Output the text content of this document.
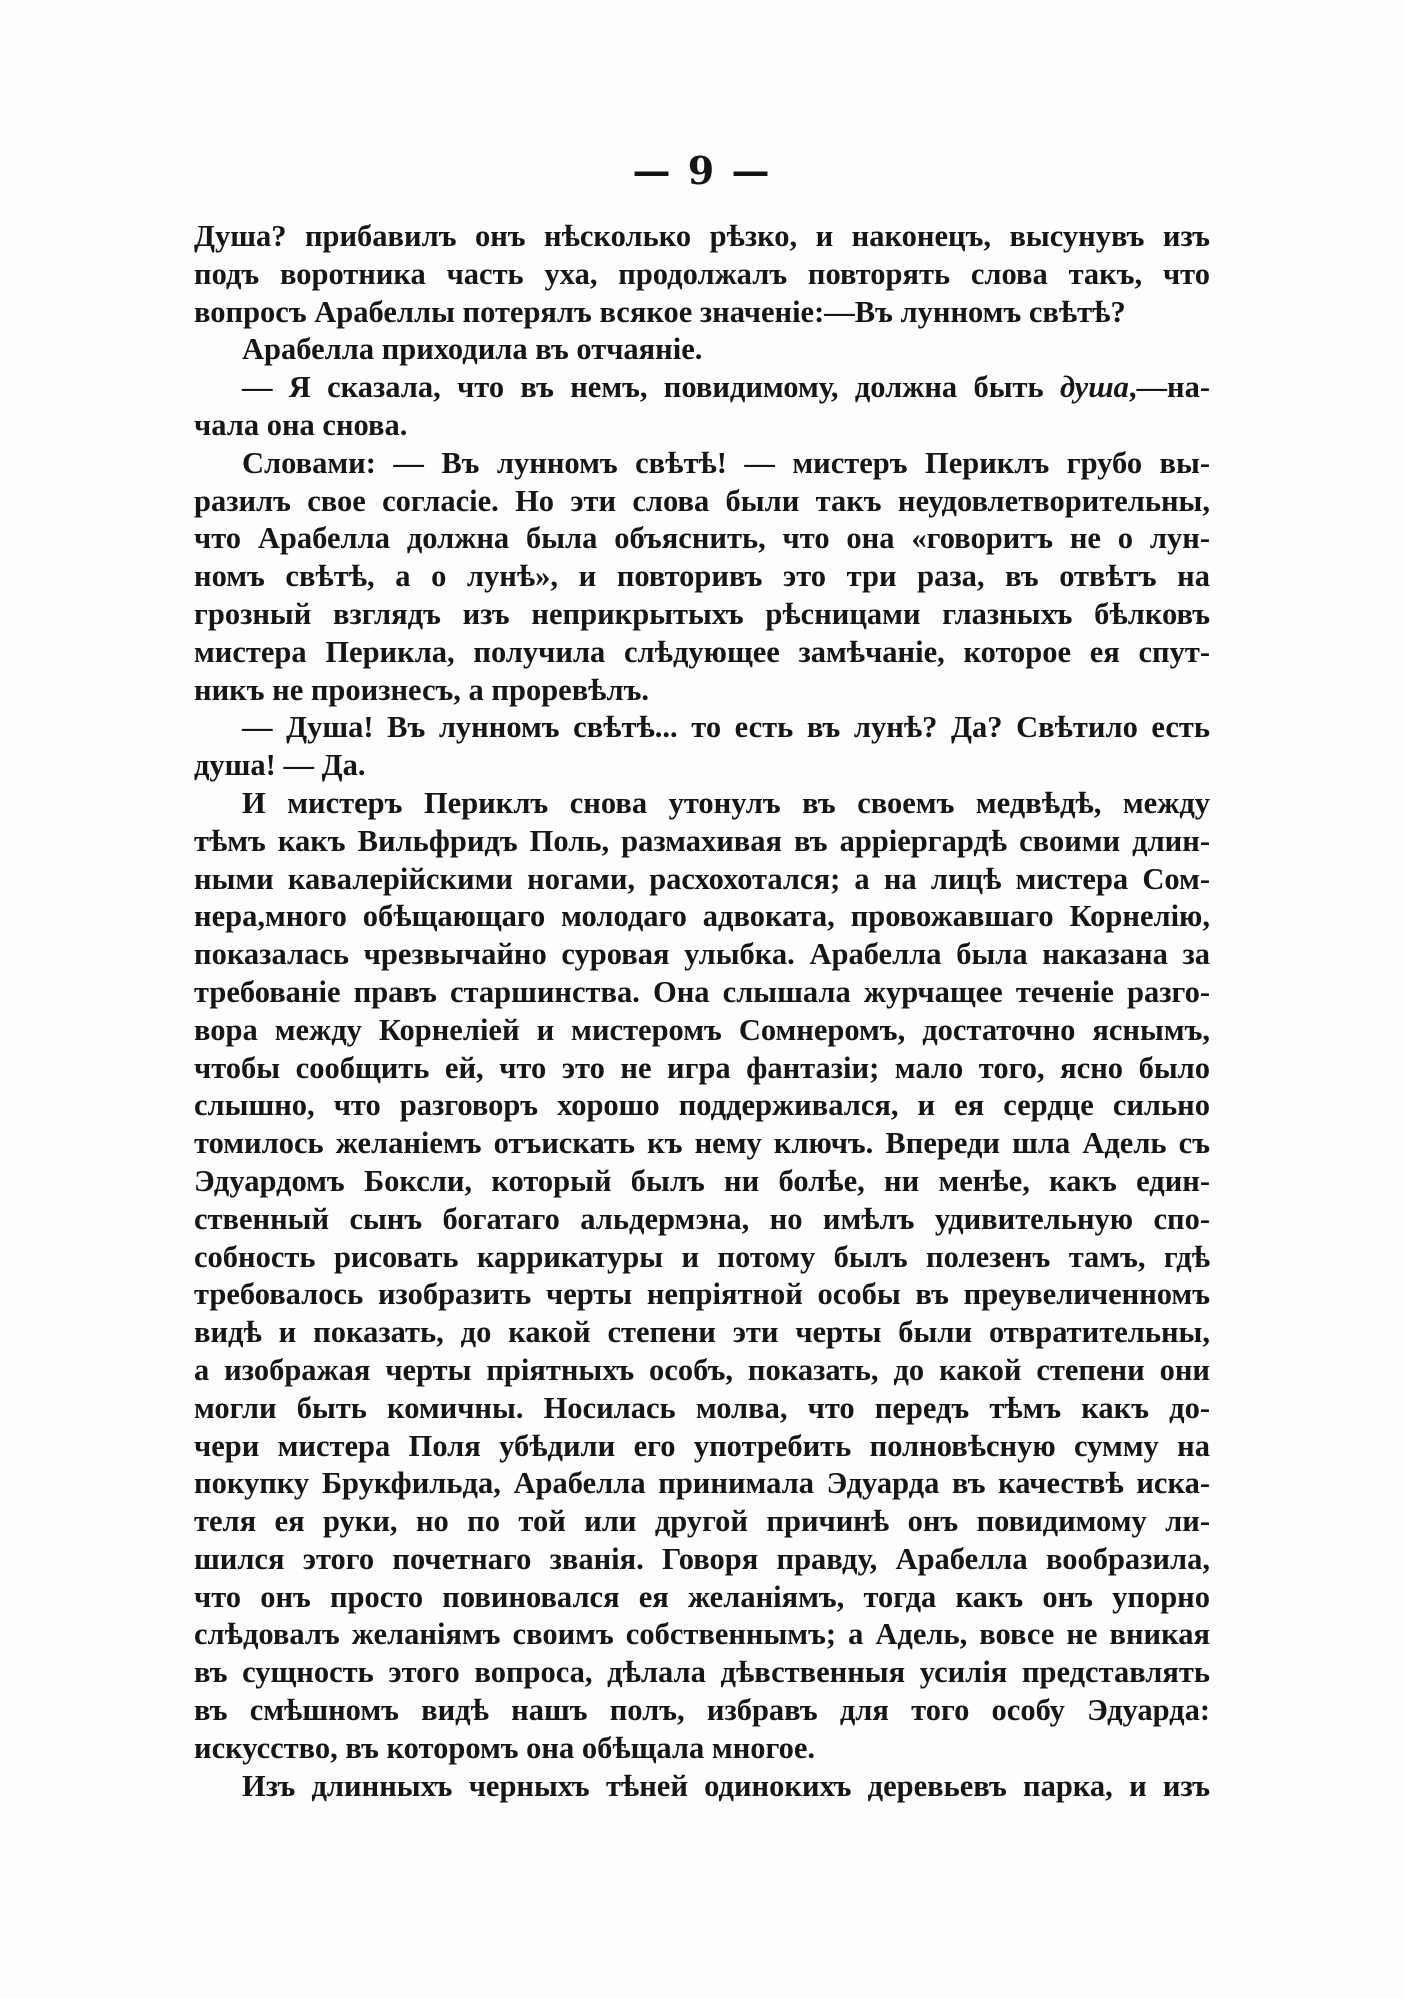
— 9 —
Душа? прибавилъ онъ нѣсколько рѣзко, и наконецъ, высунувъ изъ
подъ воротника часть уха, продолжалъ повторять слова такъ, что
вопросъ Арабеллы потерялъ всякое значеніе:—Въ лунномъ свѣтѣ?
Арабелла приходила въ отчаяніе.
— Я сказала, что въ немъ, повидимому, должна быть душа,—на-
чала она снова.
Словами: — Въ лунномъ свѣтѣ! — мистеръ Периклъ грубо вы-
разилъ свое согласіе. Но эти слова были такъ неудовлетворительны,
что Арабелла должна была объяснить, что она «говоритъ не о лун-
номъ свѣтѣ, а о лунѣ», и повторивъ это три раза, въ отвѣтъ на
грозный взглядъ изъ неприкрытыхъ рѣсницами глазныхъ бѣлковъ
мистера Перикла, получила слѣдующее замѣчаніе, которое ея спут-
никъ не произнесъ, а проревѣлъ.
— Душа! Въ лунномъ свѣтѣ... то есть въ лунѣ? Да? Свѣтило есть
душа! — Да.
И мистеръ Периклъ снова утонулъ въ своемъ медвѣдѣ, между
тѣмъ какъ Вильфридъ Поль, размахивая въ арріергардѣ своими длин-
ными кавалерійскими ногами, расхохотался; а на лицѣ мистера Сом-
нера,много обѣщающаго молодаго адвоката, провожавшаго Корнелію,
показалась чрезвычайно суровая улыбка. Арабелла была наказана за
требованіе правъ старшинства. Она слышала журчащее теченіе разго-
вора между Корнеліей и мистеромъ Сомнеромъ, достаточно яснымъ,
чтобы сообщить ей, что это не игра фантазіи; мало того, ясно было
слышно, что разговоръ хорошо поддерживался, и ея сердце сильно
томилось желаніемъ отъискать къ нему ключъ. Впереди шла Адель съ
Эдуардомъ Боксли, который былъ ни болѣе, ни менѣе, какъ един-
ственный сынъ богатаго альдермэна, но имѣлъ удивительную спо-
собность рисовать каррикатуры и потому былъ полезенъ тамъ, гдѣ
требовалось изобразить черты непріятной особы въ преувеличенномъ
видѣ и показать, до какой степени эти черты были отвратительны,
а изображая черты пріятныхъ особъ, показать, до какой степени они
могли быть комичны. Носилась молва, что передъ тѣмъ какъ до-
чери мистера Поля убѣдили его употребить полновѣсную сумму на
покупку Брукфильда, Арабелла принимала Эдуарда въ качествѣ иска-
теля ея руки, но по той или другой причинѣ онъ повидимому ли-
шился этого почетнаго званія. Говоря правду, Арабелла вообразила,
что онъ просто повиновался ея желаніямъ, тогда какъ онъ упорно
слѣдовалъ желаніямъ своимъ собственнымъ; а Адель, вовсе не вникая
въ сущность этого вопроса, дѣлала дѣвственныя усилія представлять
въ смѣшномъ видѣ нашъ полъ, избравъ для того особу Эдуарда:
искусство, въ которомъ она обѣщала многое.
Изъ длинныхъ черныхъ тѣней одинокихъ деревьевъ парка, и изъ
